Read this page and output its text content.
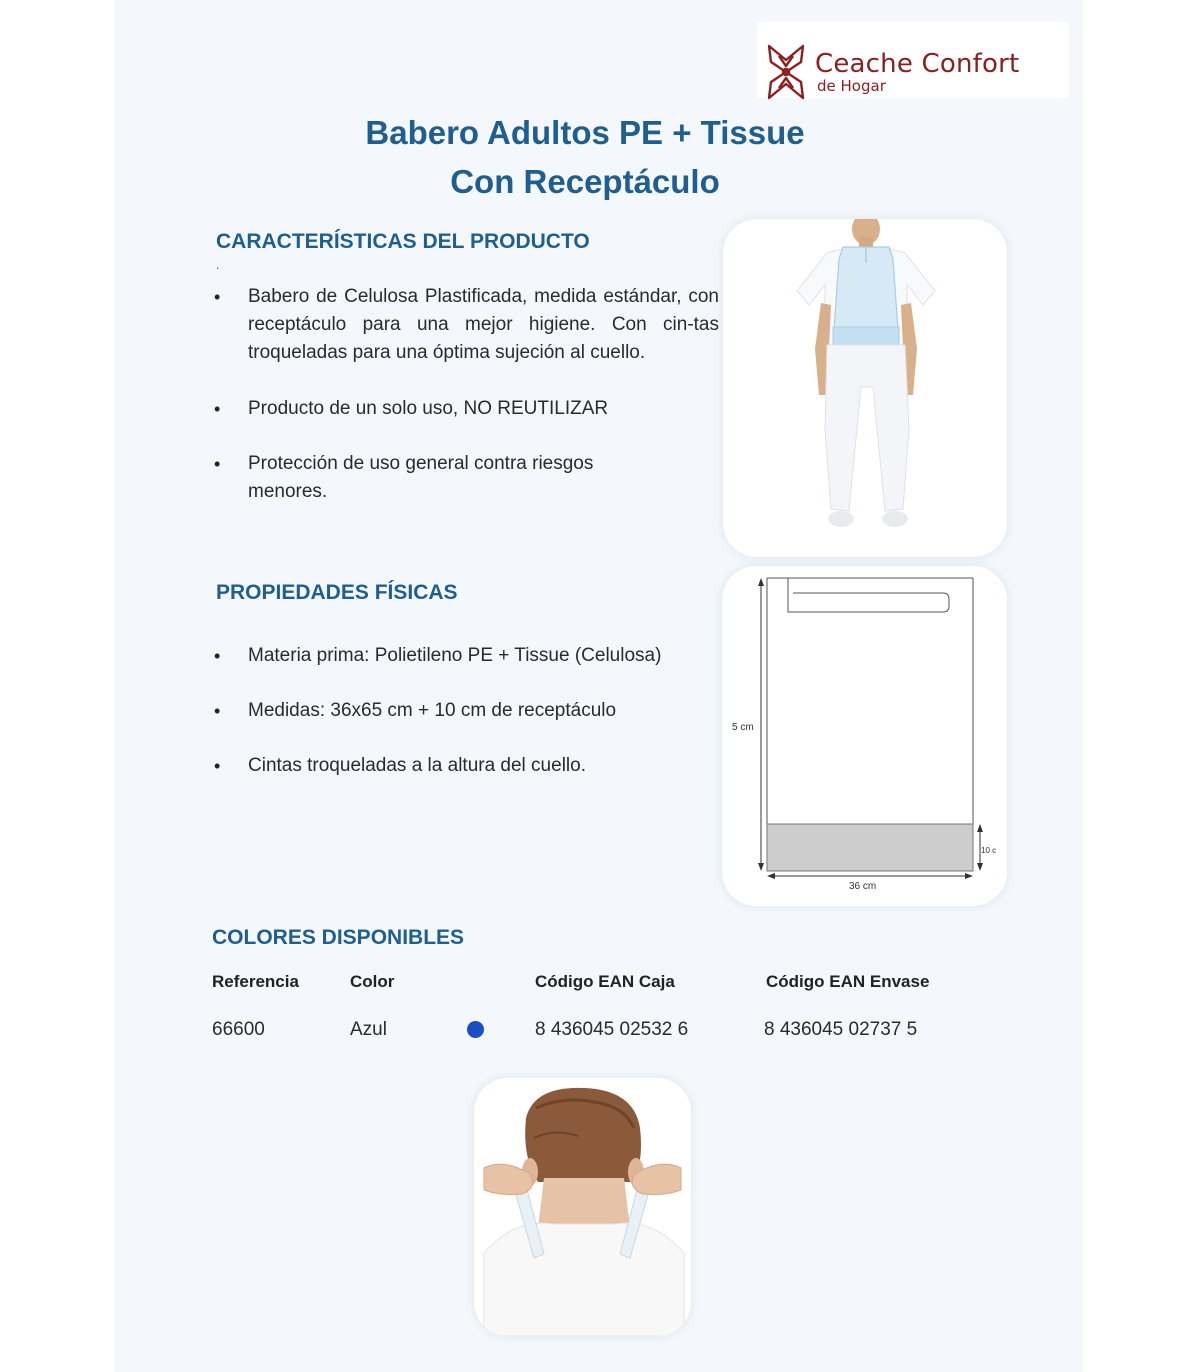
Ceache Confort
de Hogar
Babero Adultos PE + Tissue
Con Receptáculo
CARACTERÍSTICAS DEL PRODUCTO
.
• Babero de Celulosa Plastificada, medida estándar, con receptáculo para una mejor higiene. Con cin-tas troqueladas para una óptima sujeción al cuello.
• Producto de un solo uso, NO REUTILIZAR
• Protección de uso general contra riesgos menores.
PROPIEDADES FÍSICAS
• Materia prima: Polietileno PE + Tissue (Celulosa)
• Medidas: 36x65 cm + 10 cm de receptáculo
• Cintas troqueladas a la altura del cuello.
5 cm
36 cm
10 c
COLORES DISPONIBLES
Referencia	Color	Código EAN Caja	Código EAN Envase
66600	Azul	8 436045 02532 6	8 436045 02737 5
